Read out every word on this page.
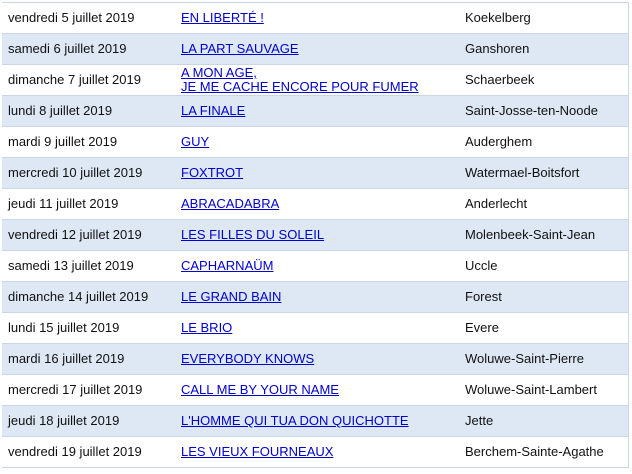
vendredi 5 juillet 2019	EN LIBERTÉ !	Koekelberg
samedi 6 juillet 2019	LA PART SAUVAGE	Ganshoren
dimanche 7 juillet 2019	A MON AGE,
JE ME CACHE ENCORE POUR FUMER	Schaerbeek
lundi 8 juillet 2019	LA FINALE	Saint-Josse-ten-Noode
mardi 9 juillet 2019	GUY	Auderghem
mercredi 10 juillet 2019	FOXTROT	Watermael-Boitsfort
jeudi 11 juillet 2019	ABRACADABRA	Anderlecht
vendredi 12 juillet 2019	LES FILLES DU SOLEIL	Molenbeek-Saint-Jean
samedi 13 juillet 2019	CAPHARNAÜM	Uccle
dimanche 14 juillet 2019	LE GRAND BAIN	Forest
lundi 15 juillet 2019	LE BRIO	Evere
mardi 16 juillet 2019	EVERYBODY KNOWS	Woluwe-Saint-Pierre
mercredi 17 juillet 2019	CALL ME BY YOUR NAME	Woluwe-Saint-Lambert
jeudi 18 juillet 2019	L'HOMME QUI TUA DON QUICHOTTE	Jette
vendredi 19 juillet 2019	LES VIEUX FOURNEAUX	Berchem-Sainte-Agathe
